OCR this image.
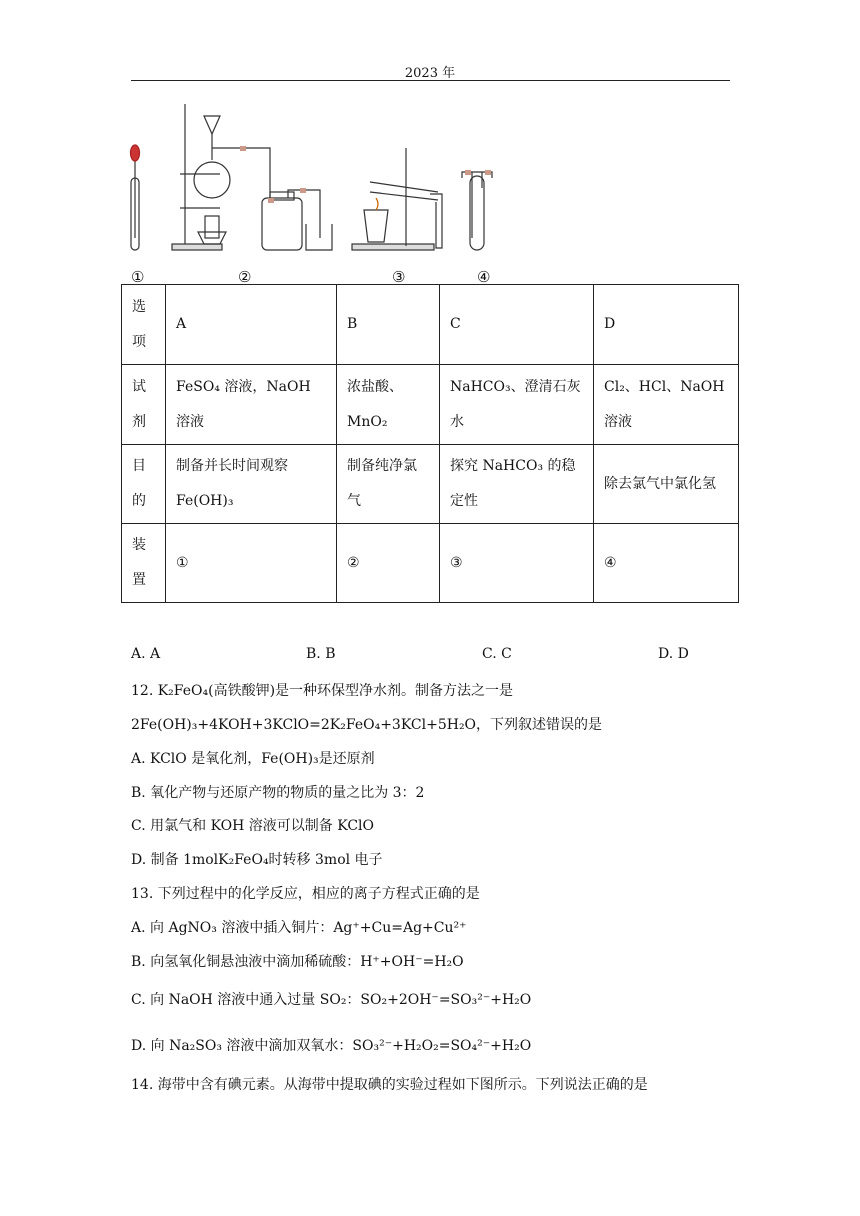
2023 年
①	②	③	④
选
项	A	B	C	D
试
剂	FeSO₄ 溶液，NaOH 溶液	浓盐酸、MnO₂	NaHCO₃、澄清石灰水	Cl₂、HCl、NaOH 溶液
目
的	制备并长时间观察 Fe(OH)₃	制备纯净氯气	探究 NaHCO₃ 的稳定性	除去氯气中氯化氢
装
置	①	②	③	④
A. A	B. B	C. C	D. D
12. K₂FeO₄(高铁酸钾)是一种环保型净水剂。制备方法之一是
2Fe(OH)₃+4KOH+3KClO=2K₂FeO₄+3KCl+5H₂O，下列叙述错误的是
A. KClO 是氧化剂，Fe(OH)₃是还原剂
B. 氧化产物与还原产物的物质的量之比为 3：2
C. 用氯气和 KOH 溶液可以制备 KClO
D. 制备 1molK₂FeO₄时转移 3mol 电子
13. 下列过程中的化学反应，相应的离子方程式正确的是
A. 向 AgNO₃ 溶液中插入铜片：Ag⁺+Cu=Ag+Cu²⁺
B. 向氢氧化铜悬浊液中滴加稀硫酸：H⁺+OH⁻=H₂O
C. 向 NaOH 溶液中通入过量 SO₂：SO₂+2OH⁻=SO₃²⁻+H₂O
D. 向 Na₂SO₃ 溶液中滴加双氧水：SO₃²⁻+H₂O₂=SO₄²⁻+H₂O
14. 海带中含有碘元素。从海带中提取碘的实验过程如下图所示。下列说法正确的是
